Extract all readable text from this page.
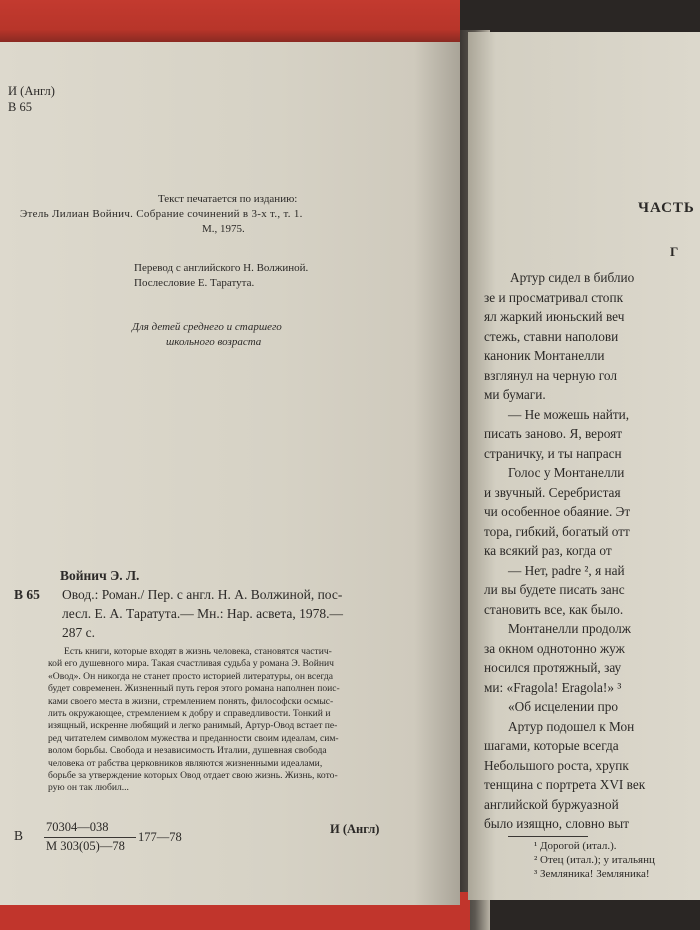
И (Англ)

В 65

Текст печатается по изданию:

Этель Лилиан Войнич. Собрание сочинений в 3-х т., т. 1.

М., 1975.

Перевод с английского Н. Волжиной.

Послесловие Е. Таратута.

Для детей среднего и старшего

школьного возраста

Войнич Э. Л.

В 65 Овод.: Роман./ Пер. с англ. Н. А. Волжиной, пос-

лесл. Е. А. Таратута.— Мн.: Нар. асвета, 1978.—

287 с.

Есть книги, которые входят в жизнь человека, становятся частич-

кой его душевного мира. Такая счастливая судьба у романа Э. Войнич

«Овод». Он никогда не станет просто историей литературы, он всегда

будет современен. Жизненный путь героя этого романа наполнен поис-

ками своего места в жизни, стремлением понять, философски осмыс-

лить окружающее, стремлением к добру и справедливости. Тонкий и

изящный, искренне любящий и легко ранимый, Артур-Овод встает пе-

ред читателем символом мужества и преданности своим идеалам, сим-

волом борьбы. Свобода и независимость Италии, душевная свобода

человека от рабства церковников являются жизненными идеалами,

борьбе за утверждение которых Овод отдает свою жизнь. Жизнь, кото-

рую он так любил...

В

70304—038

М 303(05)—78

177—78

И (Англ)

ЧАСТЬ

Г

Артур сидел в библио

зе и просматривал стопк

ял жаркий июньский веч

стежь, ставни наполови

каноник Монтанелли

взглянул на черную гол

ми бумаги.

— Не можешь найти,

писать заново. Я, вероят

страничку, и ты напрасн

Голос у Монтанелли

и звучный. Серебристая

чи особенное обаяние. Эт

тора, гибкий, богатый отт

ка всякий раз, когда от

— Нет, padre ², я най

ли вы будете писать занс

становить все, как было.

Монтанелли продолж

за окном однотонно жуж

носился протяжный, зау

ми: «Fragola! Eragola!» ³

«Об исцелении про

Артур подошел к Мон

шагами, которые всегда

Небольшого роста, хрупк

тенщина с портрета XVI век

английской буржуазной

было изящно, словно выт

¹ Дорогой (итал.).

² Отец (итал.); у итальянц

³ Земляника! Земляника!
